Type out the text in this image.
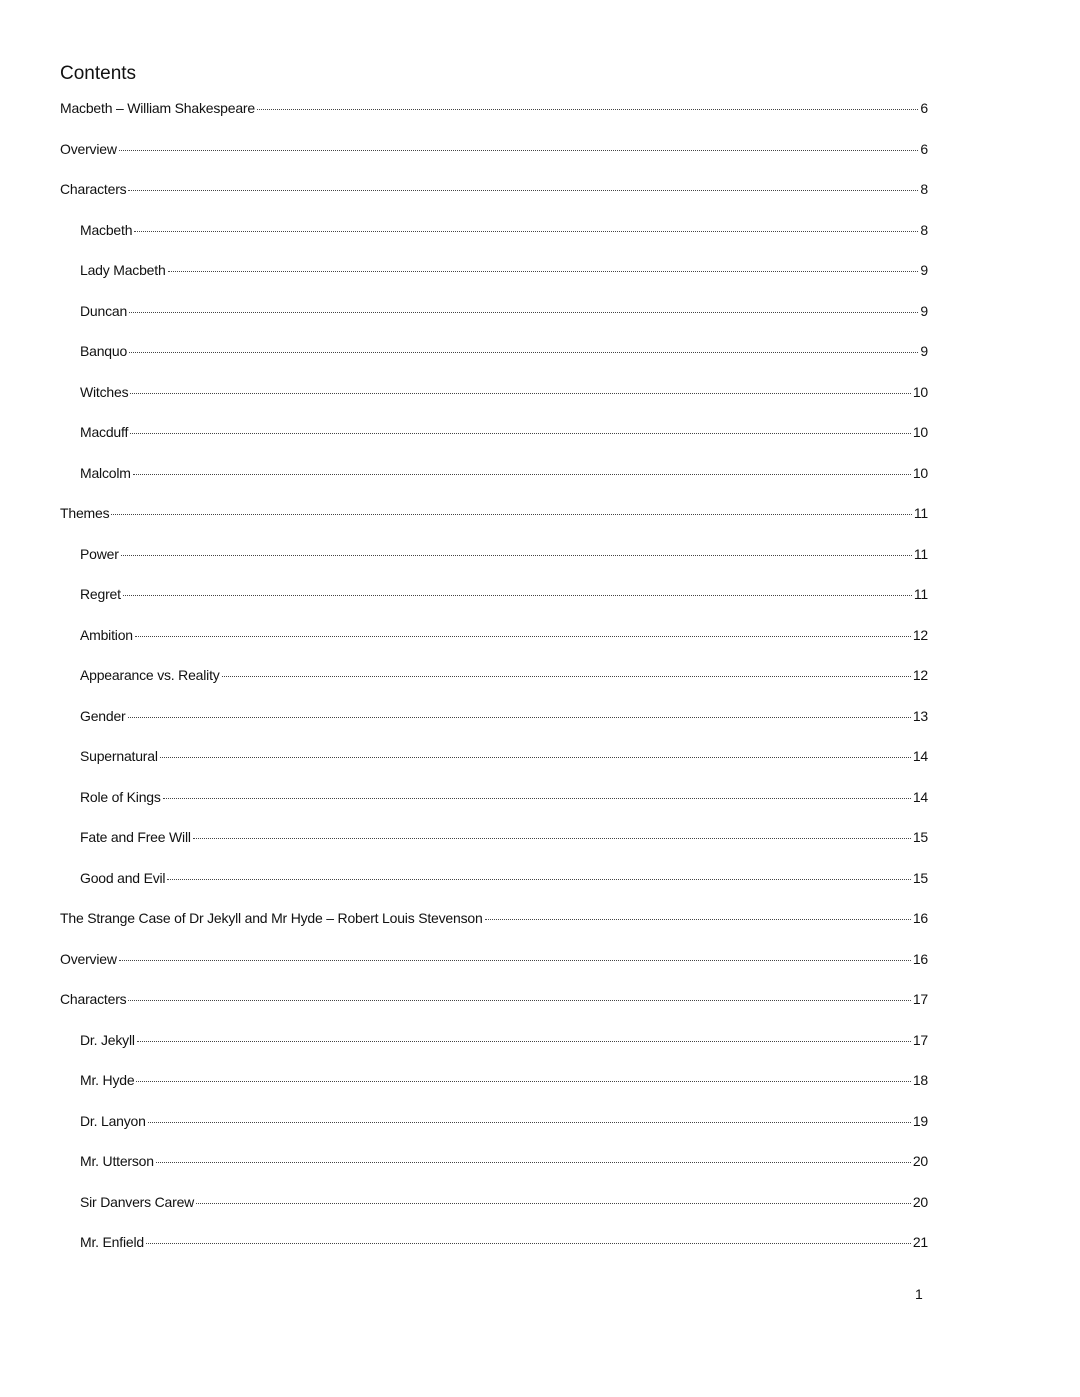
Contents
Macbeth – William Shakespeare	6
Overview	6
Characters	8
Macbeth	8
Lady Macbeth	9
Duncan	9
Banquo	9
Witches	10
Macduff	10
Malcolm	10
Themes	11
Power	11
Regret	11
Ambition	12
Appearance vs. Reality	12
Gender	13
Supernatural	14
Role of Kings	14
Fate and Free Will	15
Good and Evil	15
The Strange Case of Dr Jekyll and Mr Hyde – Robert Louis Stevenson	16
Overview	16
Characters	17
Dr. Jekyll	17
Mr. Hyde	18
Dr. Lanyon	19
Mr. Utterson	20
Sir Danvers Carew	20
Mr. Enfield	21
1
